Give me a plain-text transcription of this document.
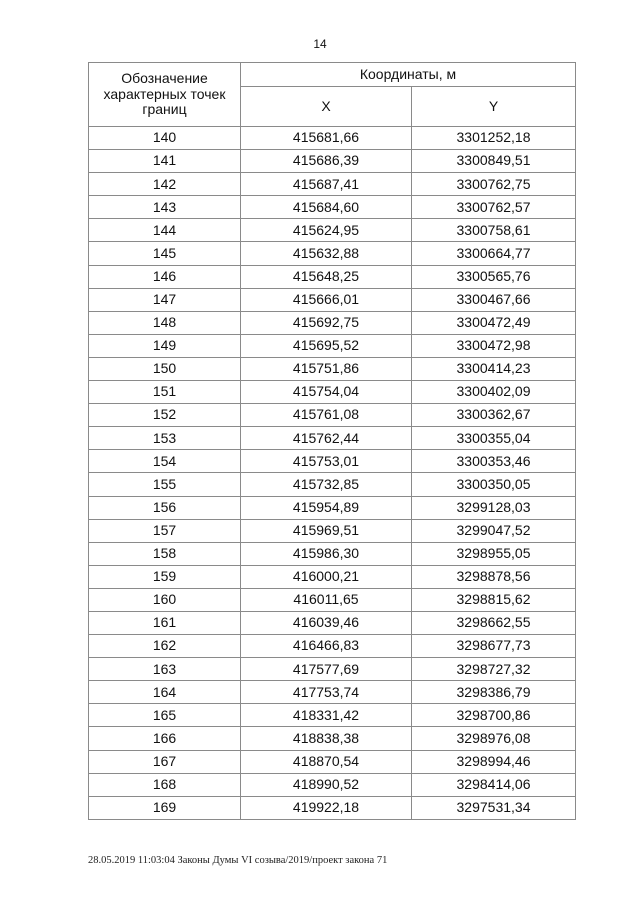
14
Обозначение характерных точек границ	Координаты, м	
	X	Y
140	415681,66	3301252,18
141	415686,39	3300849,51
142	415687,41	3300762,75
143	415684,60	3300762,57
144	415624,95	3300758,61
145	415632,88	3300664,77
146	415648,25	3300565,76
147	415666,01	3300467,66
148	415692,75	3300472,49
149	415695,52	3300472,98
150	415751,86	3300414,23
151	415754,04	3300402,09
152	415761,08	3300362,67
153	415762,44	3300355,04
154	415753,01	3300353,46
155	415732,85	3300350,05
156	415954,89	3299128,03
157	415969,51	3299047,52
158	415986,30	3298955,05
159	416000,21	3298878,56
160	416011,65	3298815,62
161	416039,46	3298662,55
162	416466,83	3298677,73
163	417577,69	3298727,32
164	417753,74	3298386,79
165	418331,42	3298700,86
166	418838,38	3298976,08
167	418870,54	3298994,46
168	418990,52	3298414,06
169	419922,18	3297531,34
28.05.2019 11:03:04 Законы Думы VI созыва/2019/проект закона 71
